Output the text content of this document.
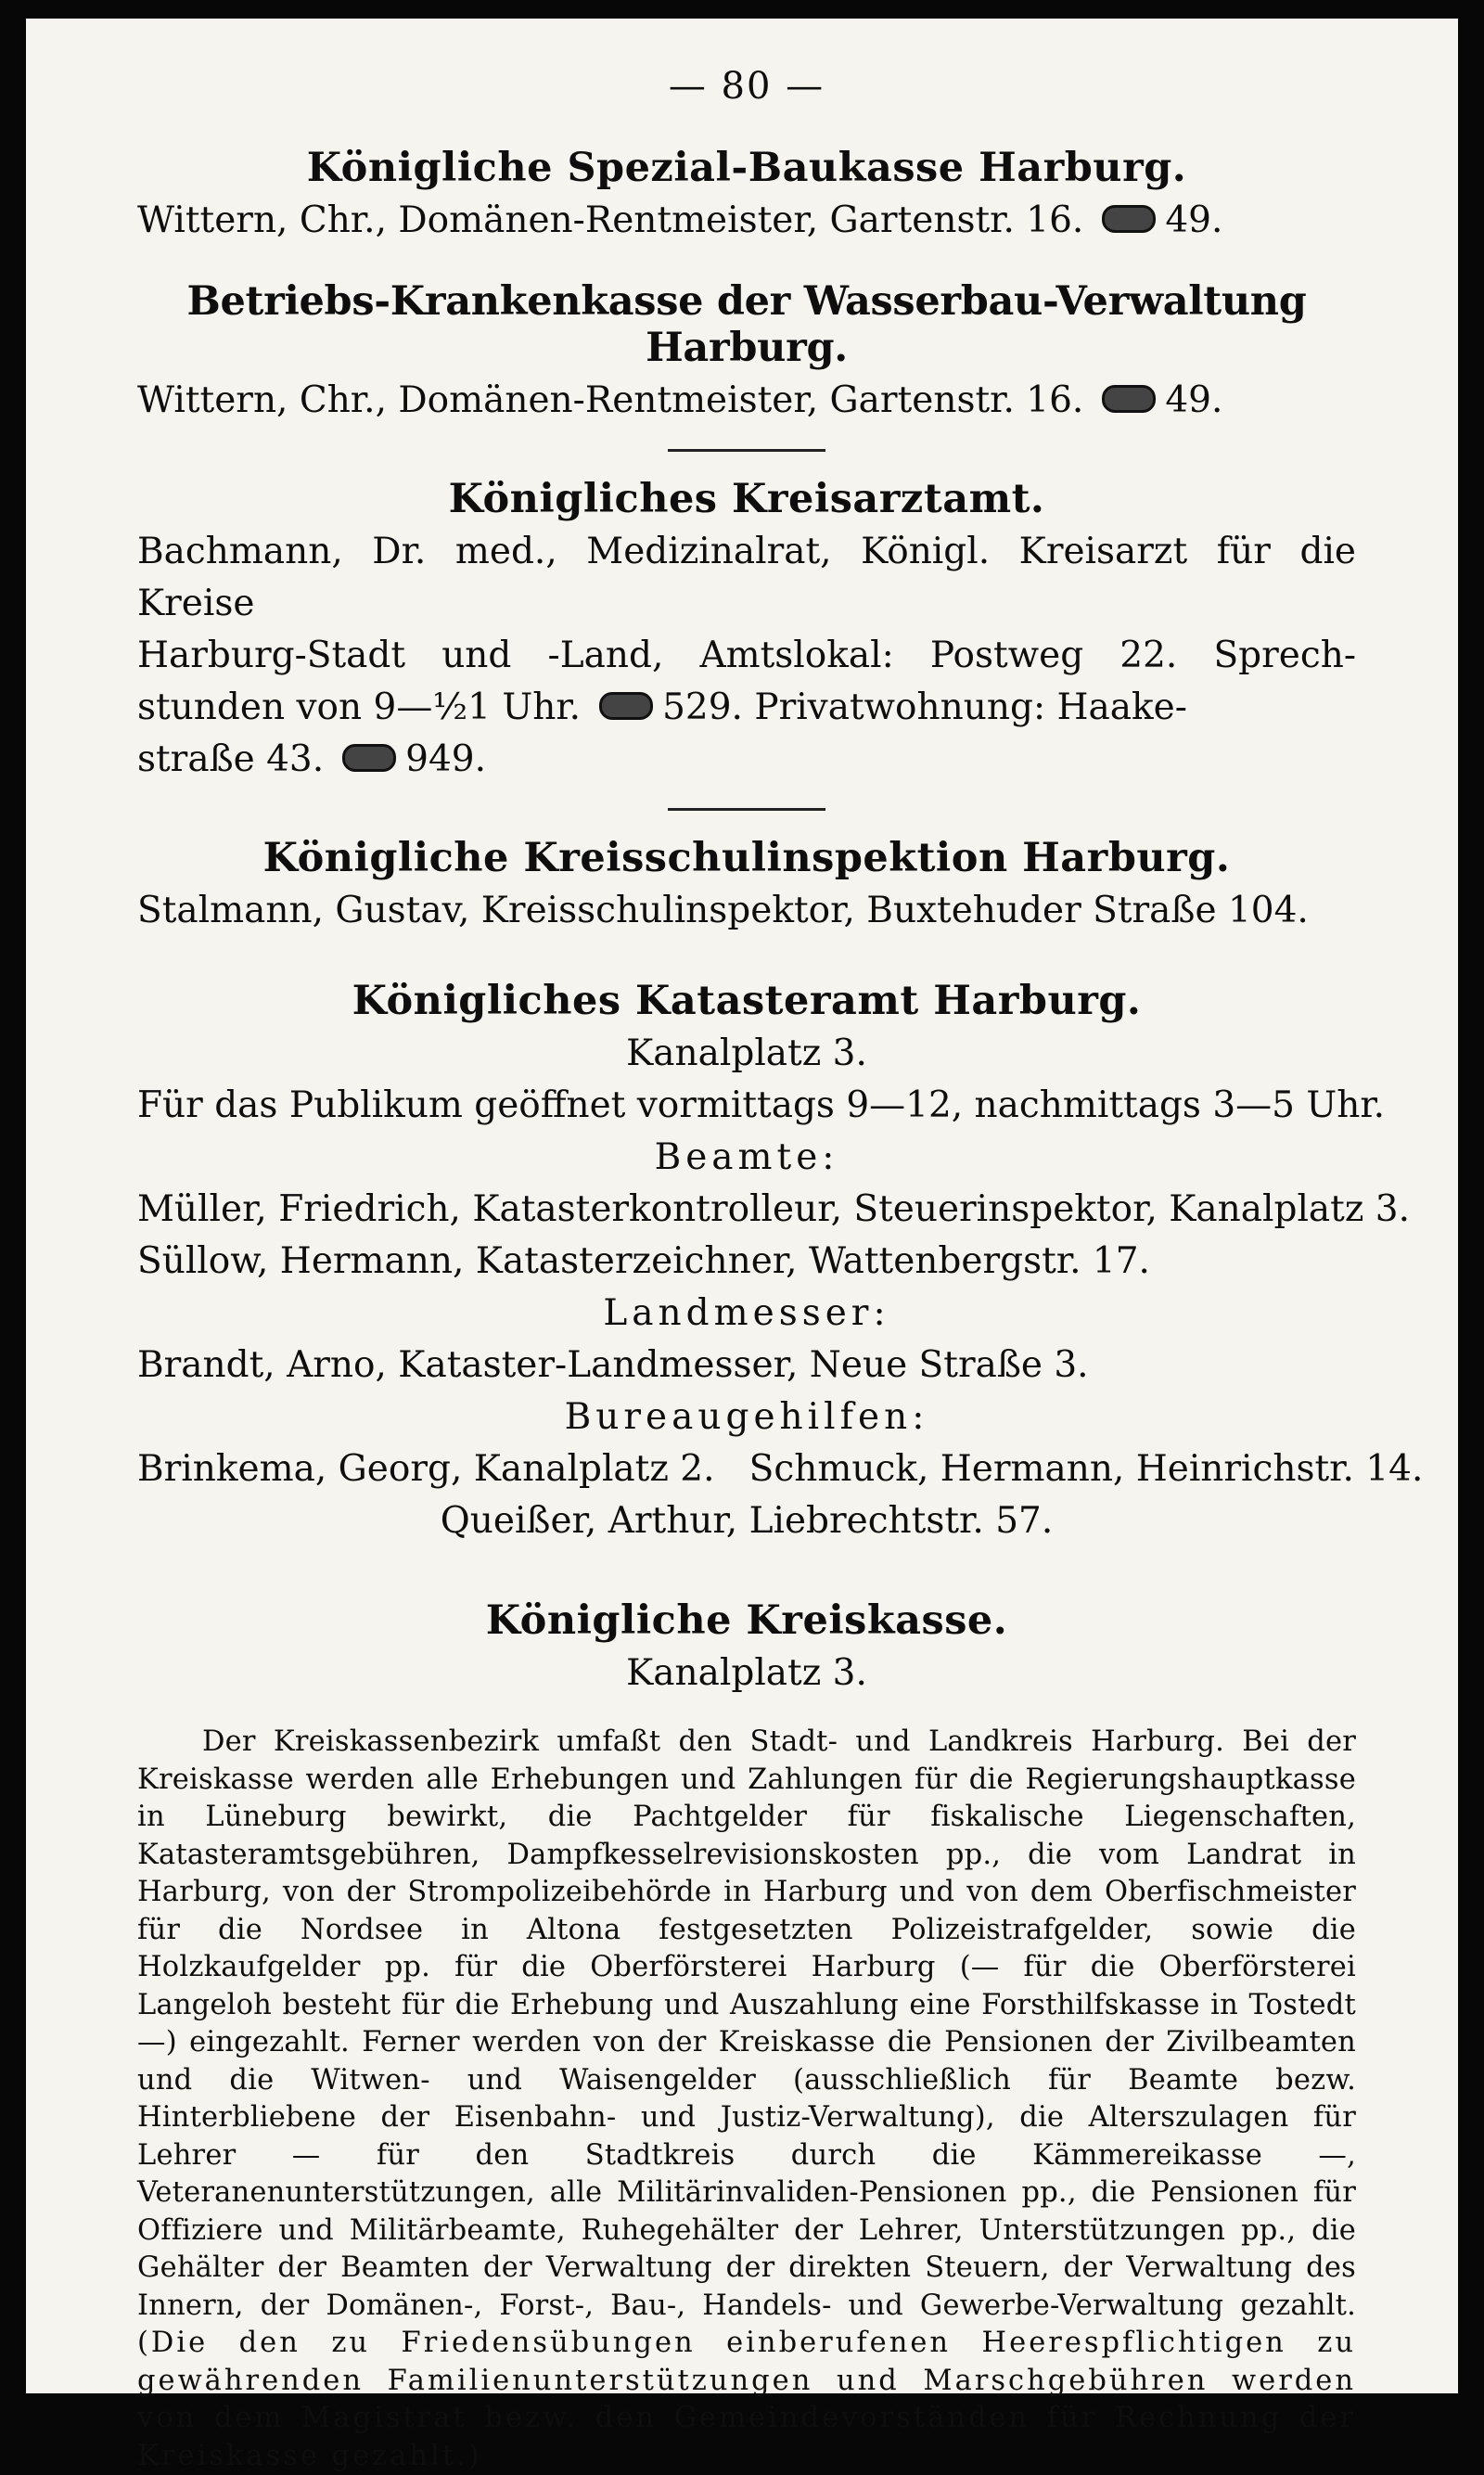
— 80 —

Königliche Spezial-Baukasse Harburg.

Wittern, Chr., Domänen-Rentmeister, Gartenstr. 16. 49.

Betriebs-Krankenkasse der Wasserbau-Verwaltung Harburg.

Wittern, Chr., Domänen-Rentmeister, Gartenstr. 16. 49.

Königliches Kreisarztamt.

Bachmann, Dr. med., Medizinalrat, Königl. Kreisarzt für die Kreise

Harburg-Stadt und -Land, Amtslokal: Postweg 22. Sprech-

stunden von 9—½1 Uhr. 529. Privatwohnung: Haake-

straße 43. 949.

Königliche Kreisschulinspektion Harburg.

Stalmann, Gustav, Kreisschulinspektor, Buxtehuder Straße 104.

Königliches Katasteramt Harburg.

Kanalplatz 3.

Für das Publikum geöffnet vormittags 9—12, nachmittags 3—5 Uhr.

Beamte:

Müller, Friedrich, Katasterkontrolleur, Steuerinspektor, Kanalplatz 3.

Süllow, Hermann, Katasterzeichner, Wattenbergstr. 17.

Landmesser:

Brandt, Arno, Kataster-Landmesser, Neue Straße 3.

Bureaugehilfen:

Brinkema, Georg, Kanalplatz 2.   Schmuck, Hermann, Heinrichstr. 14.

Queißer, Arthur, Liebrechtstr. 57.

Königliche Kreiskasse.

Kanalplatz 3.

Der Kreiskassenbezirk umfaßt den Stadt- und Landkreis Harburg. Bei der Kreiskasse werden alle Erhebungen und Zahlungen für die Regierungshauptkasse in Lüneburg bewirkt, die Pachtgelder für fiskalische Liegenschaften, Katasteramtsgebühren, Dampfkesselrevisionskosten pp., die vom Landrat in Harburg, von der Strompolizeibehörde in Harburg und von dem Oberfischmeister für die Nordsee in Altona festgesetzten Polizeistrafgelder, sowie die Holzkaufgelder pp. für die Oberförsterei Harburg (— für die Oberförsterei Langeloh besteht für die Erhebung und Auszahlung eine Forsthilfskasse in Tostedt —) eingezahlt. Ferner werden von der Kreiskasse die Pensionen der Zivilbeamten und die Witwen- und Waisengelder (ausschließlich für Beamte bezw. Hinterbliebene der Eisenbahn- und Justiz-Verwaltung), die Alterszulagen für Lehrer — für den Stadtkreis durch die Kämmereikasse —, Veteranenunterstützungen, alle Militärinvaliden-Pensionen pp., die Pensionen für Offiziere und Militärbeamte, Ruhegehälter der Lehrer, Unterstützungen pp., die Gehälter der Beamten der Verwaltung der direkten Steuern, der Verwaltung des Innern, der Domänen-, Forst-, Bau-, Handels- und Gewerbe-Verwaltung gezahlt. (Die den zu Friedensübungen einberufenen Heerespflichtigen zu gewährenden Familienunterstützungen und Marschgebühren werden von dem Magistrat bezw. den Gemeindevorständen für Rechnung der Kreiskasse gezahlt.)
